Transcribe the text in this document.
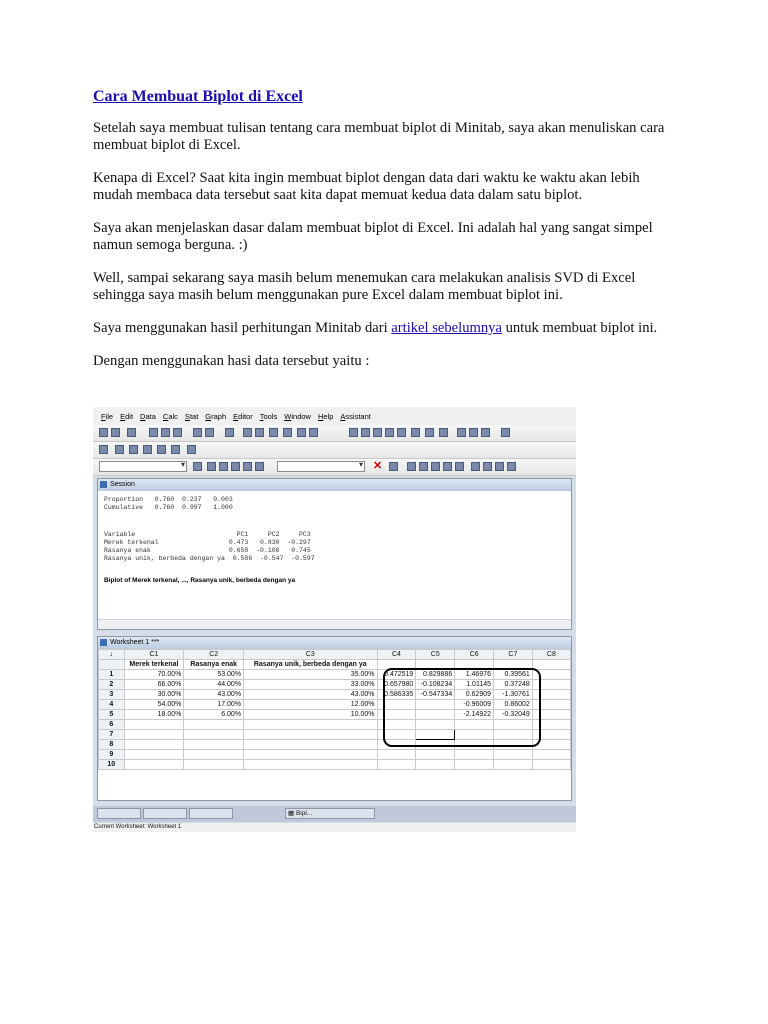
Cara Membuat Biplot di Excel

Setelah saya membuat tulisan tentang cara membuat biplot di Minitab, saya akan menuliskan cara membuat biplot di Excel.

Kenapa di Excel? Saat kita ingin membuat biplot dengan data dari waktu ke waktu akan lebih mudah membaca data tersebut saat kita dapat memuat kedua data dalam satu biplot.

Saya akan menjelaskan dasar dalam membuat biplot di Excel. Ini adalah hal yang sangat simpel namun semoga berguna. :)

Well, sampai sekarang saya masih belum menemukan cara melakukan analisis SVD di Excel sehingga saya masih belum menggunakan pure Excel dalam membuat biplot ini.

Saya menggunakan hasil perhitungan Minitab dari artikel sebelumnya untuk membuat biplot ini.

Dengan menggunakan hasi data tersebut yaitu :

File Edit Data Calc Stat Graph Editor Tools Window Help Assistant
▾
▾
✕
Session
Proportion   0.760  0.237   0.003
Cumulative   0.760  0.997   1.000
Variable                          PC1     PC2     PC3
Merek terkenal                  0.473   0.830  -0.297
Rasanya enak                    0.658  -0.108   0.745
Rasanya unik, berbeda dengan ya  0.586  -0.547  -0.597
Biplot of Merek terkenal, ..., Rasanya unik, berbeda dengan ya
Worksheet 1 ***
↓	C1	C2	C3	C4	C5	C6	C7	C8
	Merek terkenal	Rasanya enak	Rasanya unik, berbeda dengan ya					
1	70.00%	53.00%	35.00%	0.472519	0.829886	1.46976	0.39561	
2	66.00%	44.00%	33.00%	0.657980	-0.108234	1.01145	0.37248	
3	30.00%	43.00%	43.00%	0.586335	-0.547334	0.62909	-1.30761	
4	54.00%	17.00%	12.00%			-0.96009	0.86002	
5	18.00%	6.00%	10.00%			-2.14922	-0.32049	
6								
7								
8								
9								
10								
▦ Bipl...
Current Worksheet: Worksheet 1
